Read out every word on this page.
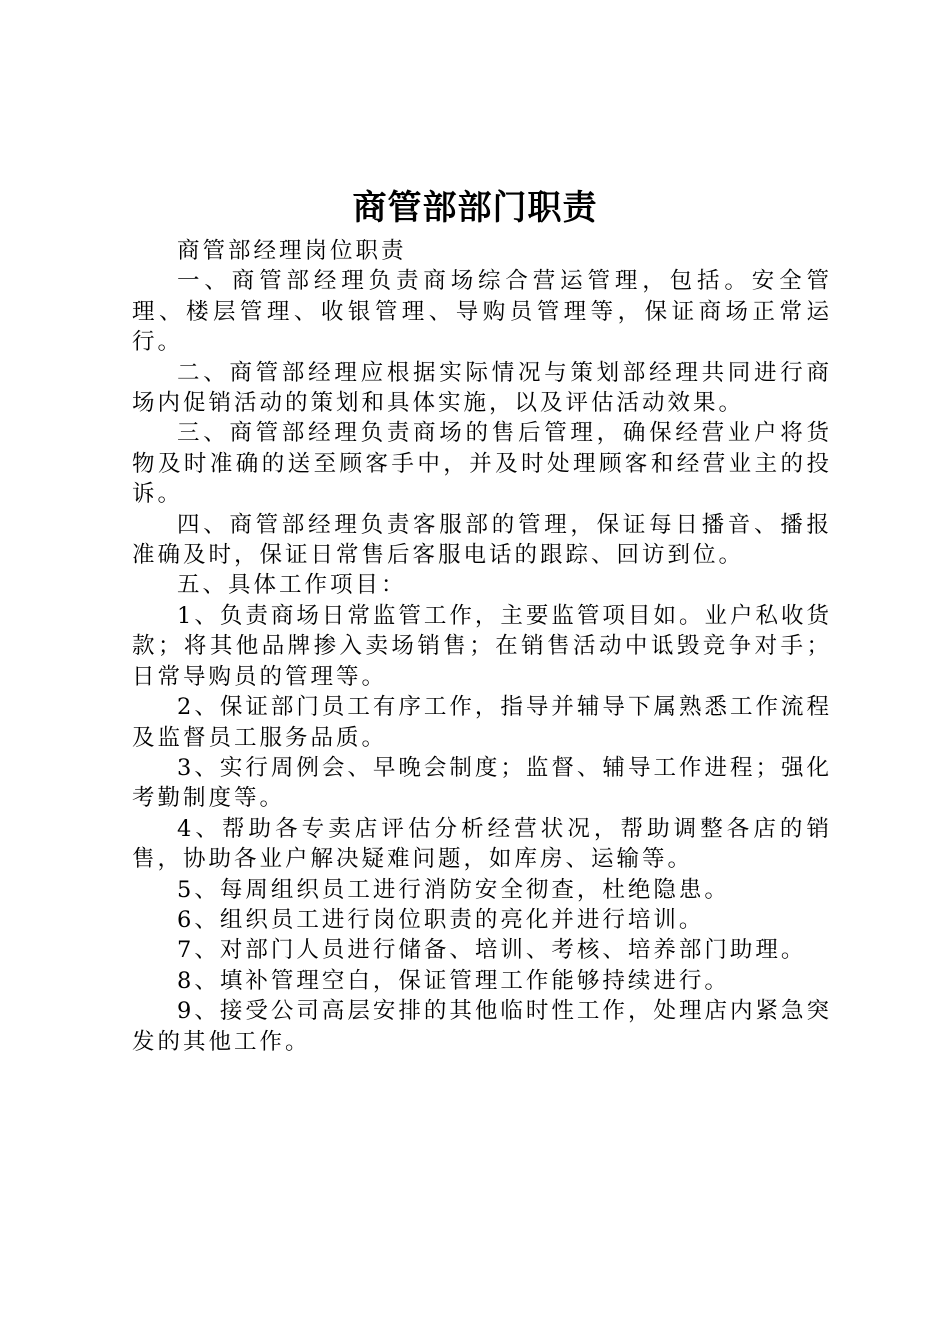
商管部部门职责

商管部经理岗位职责

一、商管部经理负责商场综合营运管理，包括。安全管理、楼层管理、收银管理、导购员管理等，保证商场正常运行。

二、商管部经理应根据实际情况与策划部经理共同进行商场内促销活动的策划和具体实施，以及评估活动效果。

三、商管部经理负责商场的售后管理，确保经营业户将货物及时准确的送至顾客手中，并及时处理顾客和经营业主的投诉。

四、商管部经理负责客服部的管理，保证每日播音、播报准确及时，保证日常售后客服电话的跟踪、回访到位。

五、具体工作项目：

1、负责商场日常监管工作，主要监管项目如。业户私收货款；将其他品牌掺入卖场销售；在销售活动中诋毁竞争对手；日常导购员的管理等。

2、保证部门员工有序工作，指导并辅导下属熟悉工作流程及监督员工服务品质。

3、实行周例会、早晚会制度；监督、辅导工作进程；强化考勤制度等。

4、帮助各专卖店评估分析经营状况，帮助调整各店的销售，协助各业户解决疑难问题，如库房、运输等。

5、每周组织员工进行消防安全彻查，杜绝隐患。

6、组织员工进行岗位职责的亮化并进行培训。

7、对部门人员进行储备、培训、考核、培养部门助理。

8、填补管理空白，保证管理工作能够持续进行。

9、接受公司高层安排的其他临时性工作，处理店内紧急突发的其他工作。
